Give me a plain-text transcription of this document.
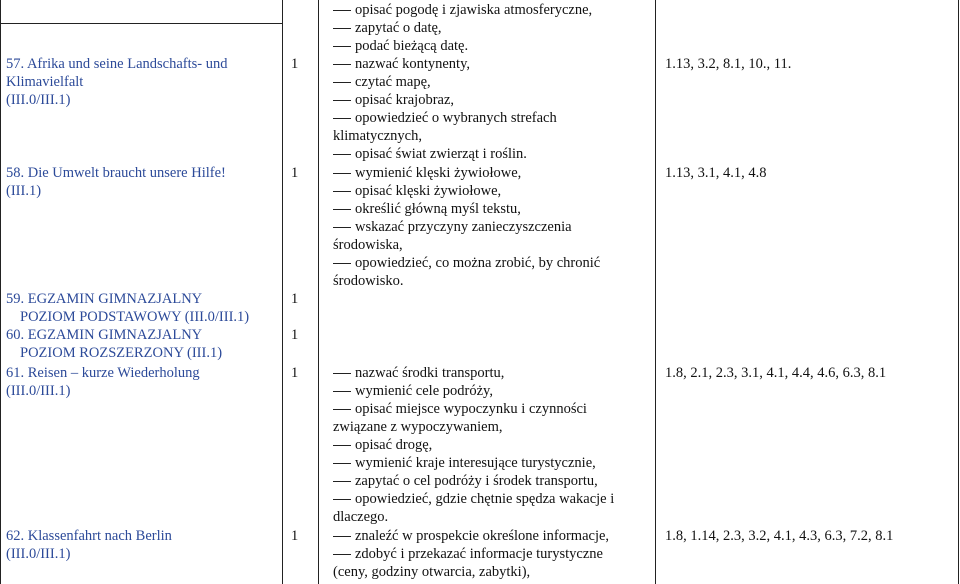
57. Afrika und seine Landschafts- und
Klimavielfalt
(III.0/III.1)
58. Die Umwelt braucht unsere Hilfe!
(III.1)
59. EGZAMIN GIMNAZJALNY
POZIOM PODSTAWOWY (III.0/III.1)
60. EGZAMIN GIMNAZJALNY
POZIOM ROZSZERZONY (III.1)
61. Reisen – kurze Wiederholung
(III.0/III.1)
62. Klassenfahrt nach Berlin
(III.0/III.1)
1
1
1
1
1
1
opisać pogodę i zjawiska atmosferyczne,
zapytać o datę,
podać bieżącą datę.
nazwać kontynenty,
czytać mapę,
opisać krajobraz,
opowiedzieć o wybranych strefach
klimatycznych,
opisać świat zwierząt i roślin.
wymienić klęski żywiołowe,
opisać klęski żywiołowe,
określić główną myśl tekstu,
wskazać przyczyny zanieczyszczenia
środowiska,
opowiedzieć, co można zrobić, by chronić
środowisko.
nazwać środki transportu,
wymienić cele podróży,
opisać miejsce wypoczynku i czynności
związane z wypoczywaniem,
opisać drogę,
wymienić kraje interesujące turystycznie,
zapytać o cel podróży i środek transportu,
opowiedzieć, gdzie chętnie spędza wakacje i
dlaczego.
znaleźć w prospekcie określone informacje,
zdobyć i przekazać informacje turystyczne
(ceny, godziny otwarcia, zabytki),
1.13, 3.2, 8.1, 10., 11.
1.13, 3.1, 4.1, 4.8
1.8, 2.1, 2.3, 3.1, 4.1, 4.4, 4.6, 6.3, 8.1
1.8, 1.14, 2.3, 3.2, 4.1, 4.3, 6.3, 7.2, 8.1
